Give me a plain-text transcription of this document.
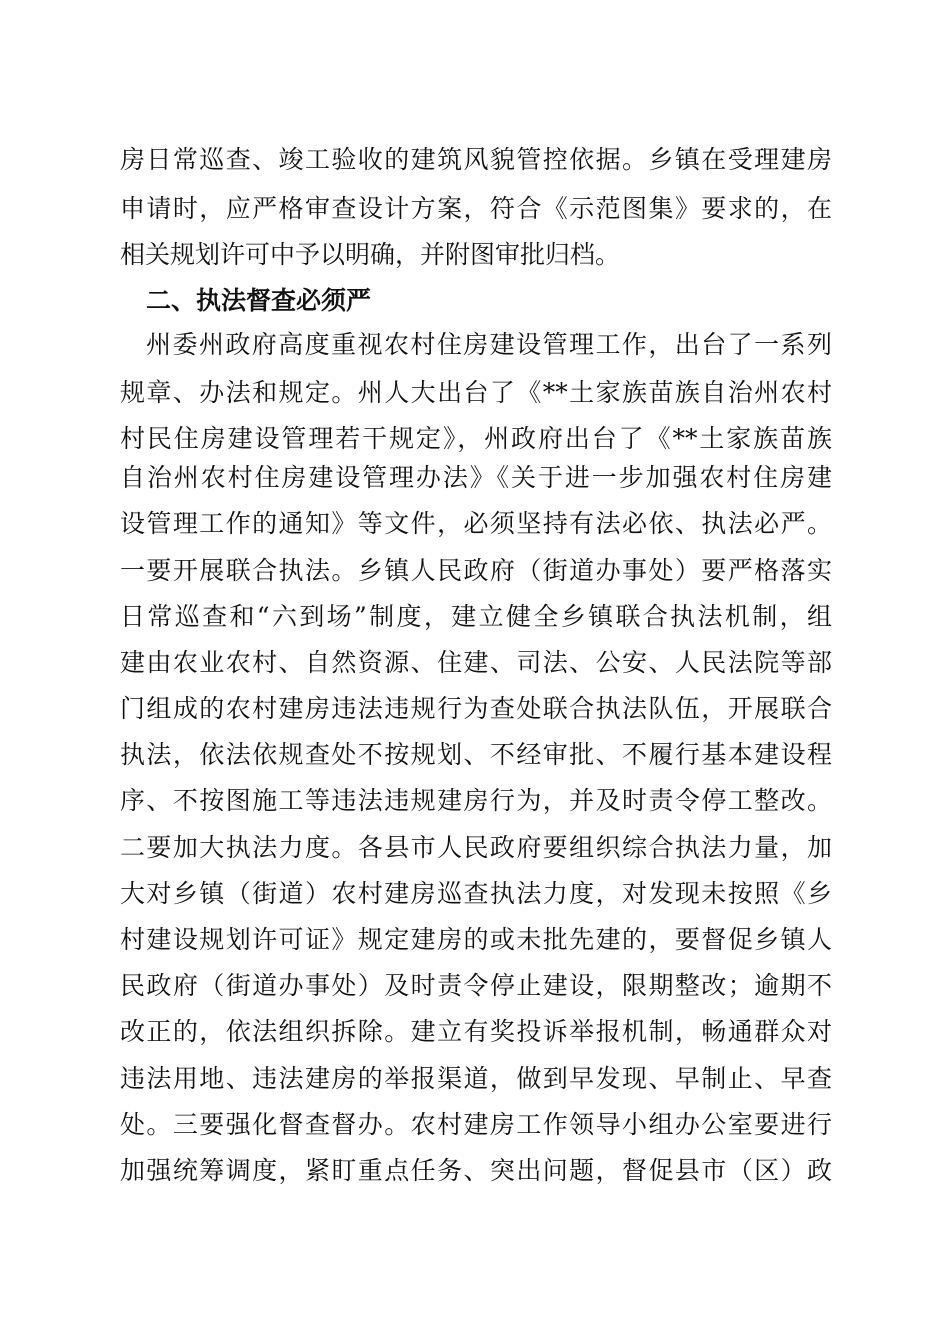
房日常巡查、竣工验收的建筑风貌管控依据。乡镇在受理建房
申请时，应严格审查设计方案，符合《示范图集》要求的，在
相关规划许可中予以明确，并附图审批归档。
二、执法督查必须严
州委州政府高度重视农村住房建设管理工作，出台了一系列
规章、办法和规定。州人大出台了《**土家族苗族自治州农村
村民住房建设管理若干规定》，州政府出台了《**土家族苗族
自治州农村住房建设管理办法》《关于进一步加强农村住房建
设管理工作的通知》等文件，必须坚持有法必依、执法必严。
一要开展联合执法。乡镇人民政府（街道办事处）要严格落实
日常巡查和“六到场”制度，建立健全乡镇联合执法机制，组
建由农业农村、自然资源、住建、司法、公安、人民法院等部
门组成的农村建房违法违规行为查处联合执法队伍，开展联合
执法，依法依规查处不按规划、不经审批、不履行基本建设程
序、不按图施工等违法违规建房行为，并及时责令停工整改。
二要加大执法力度。各县市人民政府要组织综合执法力量，加
大对乡镇（街道）农村建房巡查执法力度，对发现未按照《乡
村建设规划许可证》规定建房的或未批先建的，要督促乡镇人
民政府（街道办事处）及时责令停止建设，限期整改；逾期不
改正的，依法组织拆除。建立有奖投诉举报机制，畅通群众对
违法用地、违法建房的举报渠道，做到早发现、早制止、早查
处。三要强化督查督办。农村建房工作领导小组办公室要进行
加强统筹调度，紧盯重点任务、突出问题，督促县市（区）政
